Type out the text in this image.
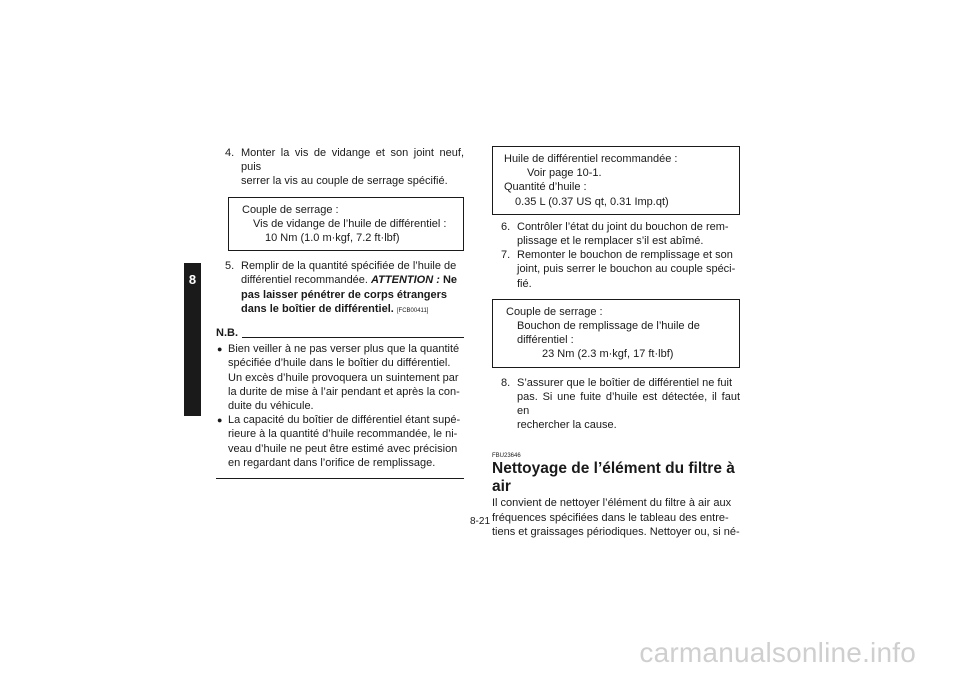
8
4. Monter la vis de vidange et son joint neuf, puis
serrer la vis au couple de serrage spécifié.
Couple de serrage :
Vis de vidange de l’huile de différentiel :
10 Nm (1.0 m·kgf, 7.2 ft·lbf)
5. Remplir de la quantité spécifiée de l’huile de
différentiel recommandée. ATTENTION : Ne
pas laisser pénétrer de corps étrangers
dans le boîtier de différentiel. [FCB00411]
N.B.
● Bien veiller à ne pas verser plus que la quantité
spécifiée d’huile dans le boîtier du différentiel.
Un excès d’huile provoquera un suintement par
la durite de mise à l’air pendant et après la con-
duite du véhicule.
● La capacité du boîtier de différentiel étant supé-
rieure à la quantité d’huile recommandée, le ni-
veau d’huile ne peut être estimé avec précision
en regardant dans l’orifice de remplissage.
Huile de différentiel recommandée :
Voir page 10-1.
Quantité d’huile :
0.35 L (0.37 US qt, 0.31 Imp.qt)
6. Contrôler l’état du joint du bouchon de rem-
plissage et le remplacer s’il est abîmé.
7. Remonter le bouchon de remplissage et son
joint, puis serrer le bouchon au couple spéci-
fié.
Couple de serrage :
Bouchon de remplissage de l’huile de
différentiel :
23 Nm (2.3 m·kgf, 17 ft·lbf)
8. S’assurer que le boîtier de différentiel ne fuit
pas. Si une fuite d’huile est détectée, il faut en
rechercher la cause.
FBU23646
Nettoyage de l’élément du filtre à air
Il convient de nettoyer l’élément du filtre à air aux
fréquences spécifiées dans le tableau des entre-
tiens et graissages périodiques. Nettoyer ou, si né-
8-21
carmanualsonline.info
